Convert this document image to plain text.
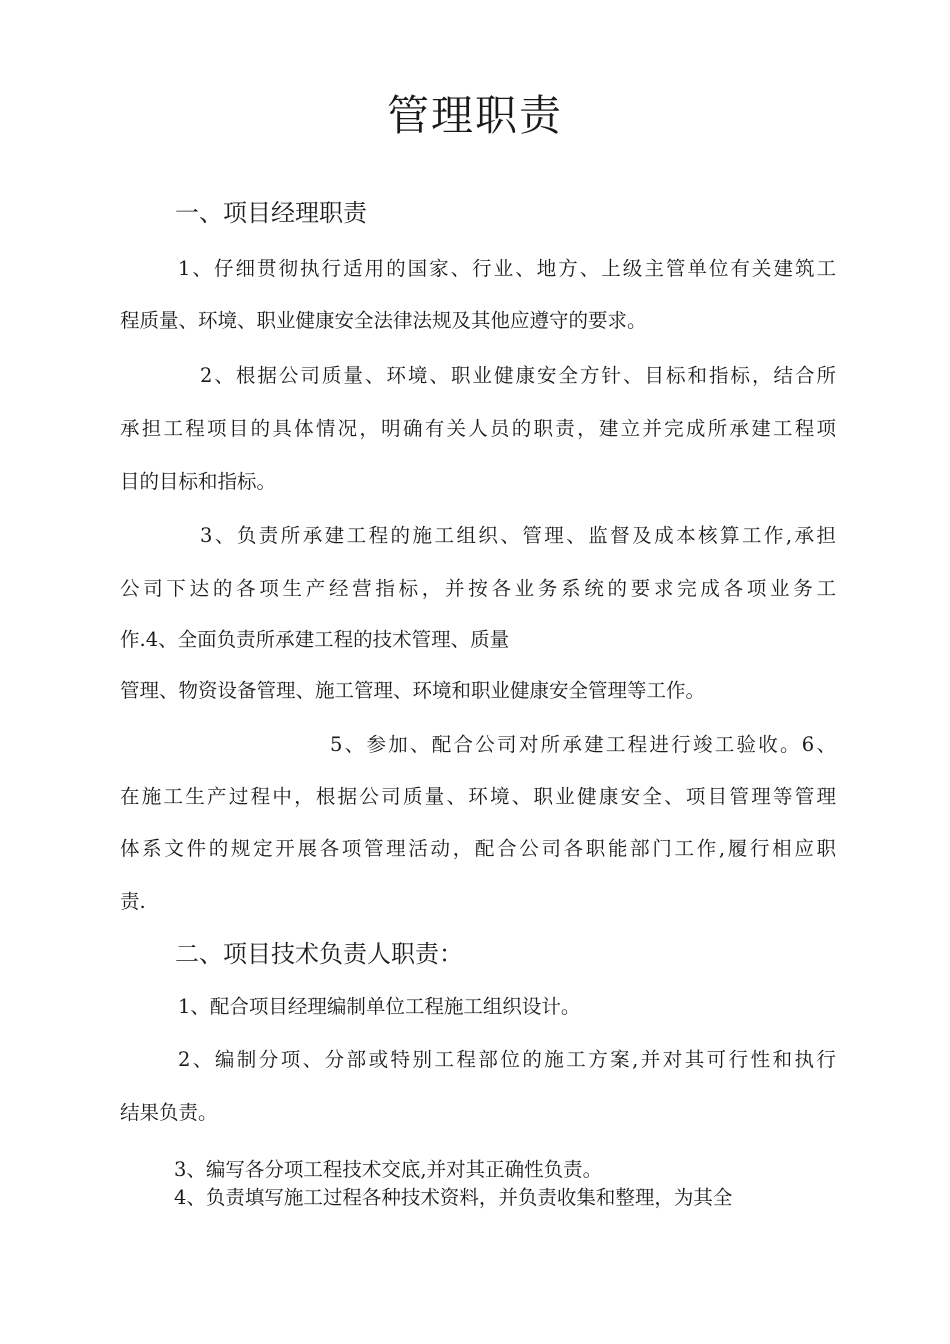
管理职责
一、项目经理职责
1、仔细贯彻执行适用的国家、行业、地方、上级主管单位有关建筑工
程质量、环境、职业健康安全法律法规及其他应遵守的要求。
2、根据公司质量、环境、职业健康安全方针、目标和指标，结合所
承担工程项目的具体情况，明确有关人员的职责，建立并完成所承建工程项
目的目标和指标。
3、负责所承建工程的施工组织、管理、监督及成本核算工作,承担
公司下达的各项生产经营指标，并按各业务系统的要求完成各项业务工
作.4、全面负责所承建工程的技术管理、质量
管理、物资设备管理、施工管理、环境和职业健康安全管理等工作。
5、参加、配合公司对所承建工程进行竣工验收。6、
在施工生产过程中，根据公司质量、环境、职业健康安全、项目管理等管理
体系文件的规定开展各项管理活动，配合公司各职能部门工作,履行相应职
责.
二、项目技术负责人职责：
1、配合项目经理编制单位工程施工组织设计。
2、编制分项、分部或特别工程部位的施工方案,并对其可行性和执行
结果负责。
3、编写各分项工程技术交底,并对其正确性负责。
4、负责填写施工过程各种技术资料，并负责收集和整理，为其全
